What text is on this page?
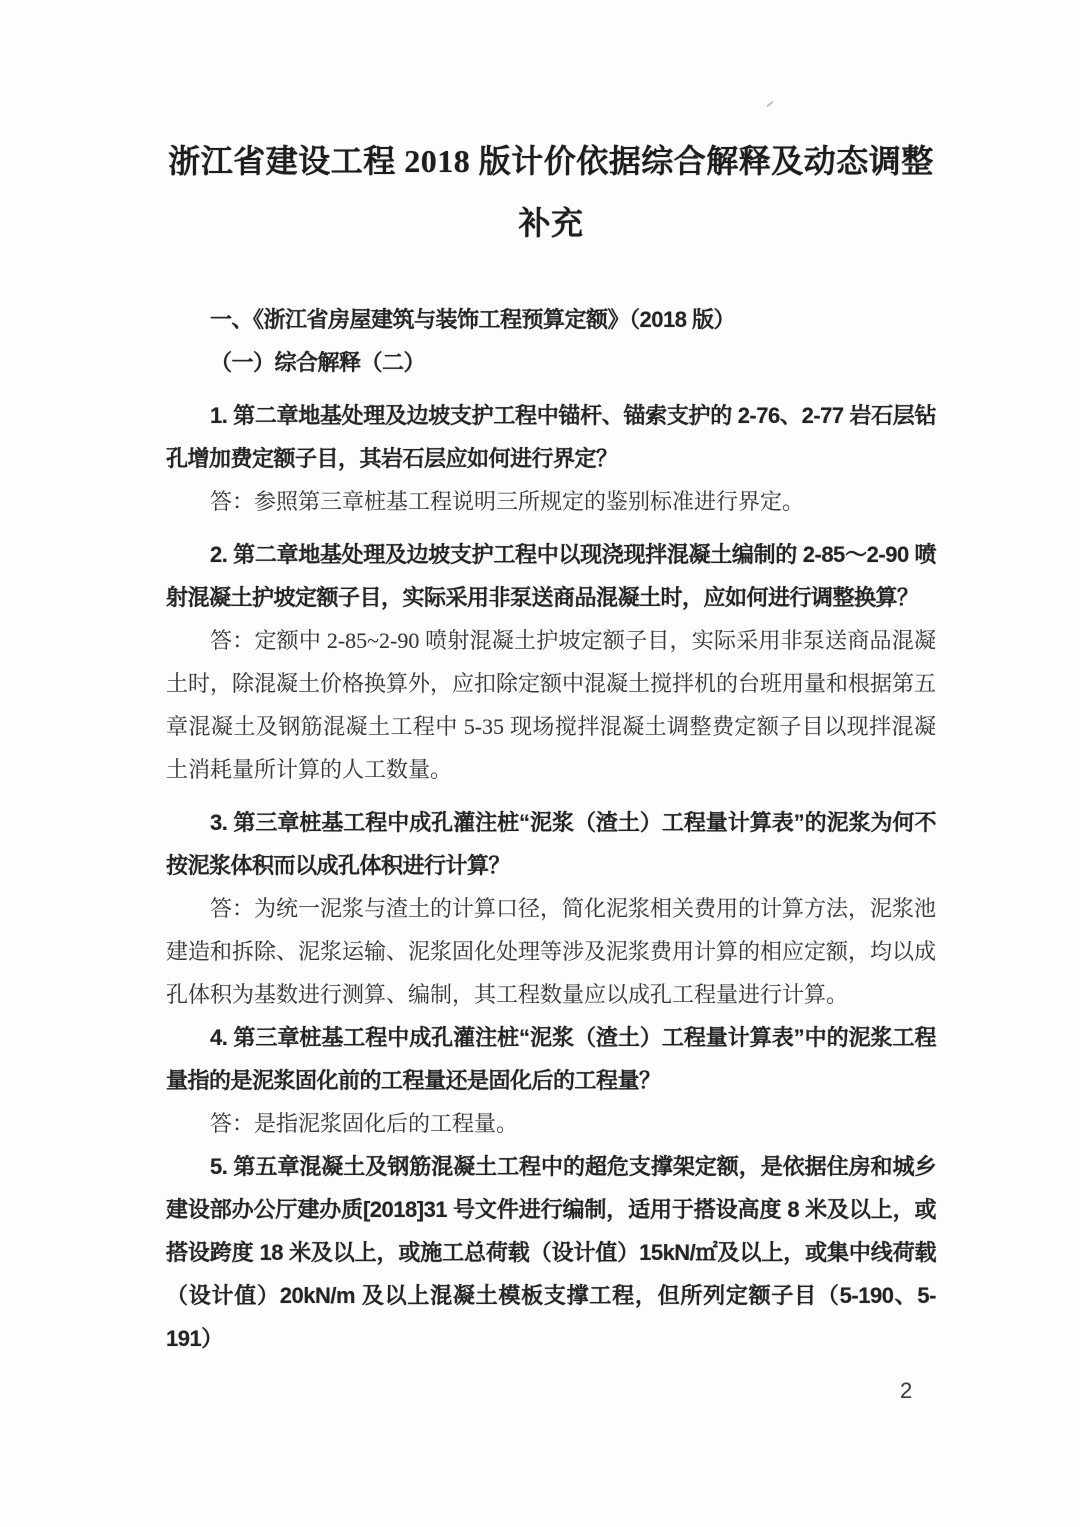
浙江省建设工程 2018 版计价依据综合解释及动态调整补充

一、《浙江省房屋建筑与装饰工程预算定额》（2018 版）

（一）综合解释（二）

1. 第二章地基处理及边坡支护工程中锚杆、锚索支护的 2-76、2-77 岩石层钻孔增加费定额子目，其岩石层应如何进行界定？

答：参照第三章桩基工程说明三所规定的鉴别标准进行界定。

2. 第二章地基处理及边坡支护工程中以现浇现拌混凝土编制的 2-85～2-90 喷射混凝土护坡定额子目，实际采用非泵送商品混凝土时，应如何进行调整换算？

答：定额中 2-85~2-90 喷射混凝土护坡定额子目，实际采用非泵送商品混凝土时，除混凝土价格换算外，应扣除定额中混凝土搅拌机的台班用量和根据第五章混凝土及钢筋混凝土工程中 5-35 现场搅拌混凝土调整费定额子目以现拌混凝土消耗量所计算的人工数量。

3. 第三章桩基工程中成孔灌注桩“泥浆（渣土）工程量计算表”的泥浆为何不按泥浆体积而以成孔体积进行计算？

答：为统一泥浆与渣土的计算口径，简化泥浆相关费用的计算方法，泥浆池建造和拆除、泥浆运输、泥浆固化处理等涉及泥浆费用计算的相应定额，均以成孔体积为基数进行测算、编制，其工程数量应以成孔工程量进行计算。

4. 第三章桩基工程中成孔灌注桩“泥浆（渣土）工程量计算表”中的泥浆工程量指的是泥浆固化前的工程量还是固化后的工程量？

答：是指泥浆固化后的工程量。

5. 第五章混凝土及钢筋混凝土工程中的超危支撑架定额，是依据住房和城乡建设部办公厅建办质[2018]31 号文件进行编制，适用于搭设高度 8 米及以上，或搭设跨度 18 米及以上，或施工总荷载（设计值）15kN/㎡及以上，或集中线荷载（设计值）20kN/m 及以上混凝土模板支撑工程，但所列定额子目（5-190、5-191）

2
